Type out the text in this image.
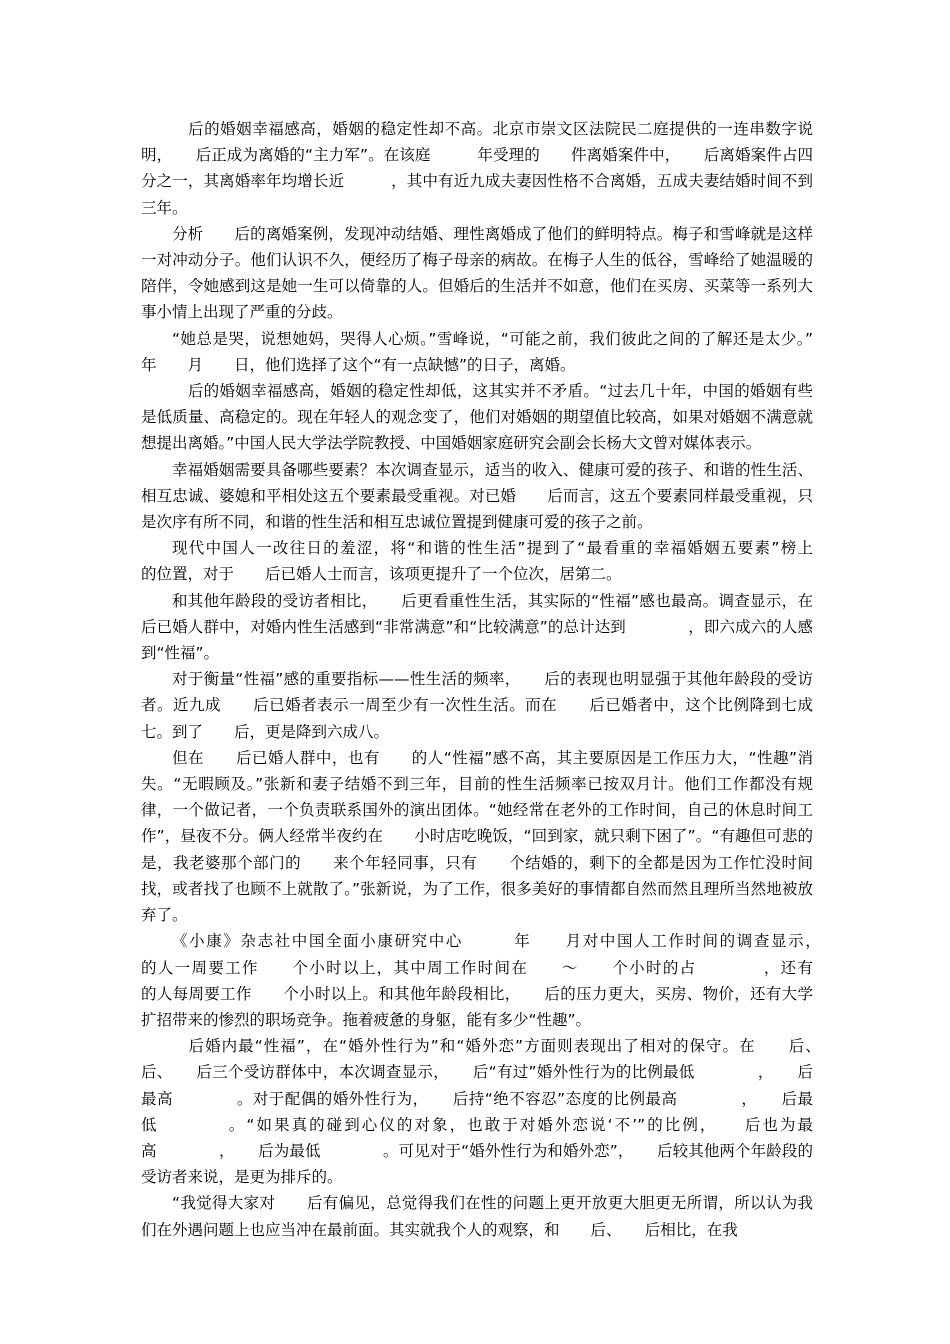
　后的婚姻幸福感高，婚姻的稳定性却不高。北京市崇文区法院民二庭提供的一连串数字说明，　　后正成为离婚的“主力军”。在该庭　　　年受理的　　件离婚案件中，　　后离婚案件占四分之一，其离婚率年均增长近　　　，其中有近九成夫妻因性格不合离婚，五成夫妻结婚时间不到三年。

分析　　后的离婚案例，发现冲动结婚、理性离婚成了他们的鲜明特点。梅子和雪峰就是这样一对冲动分子。他们认识不久，便经历了梅子母亲的病故。在梅子人生的低谷，雪峰给了她温暖的陪伴，令她感到这是她一生可以倚靠的人。但婚后的生活并不如意，他们在买房、买菜等一系列大事小情上出现了严重的分歧。

“她总是哭，说想她妈，哭得人心烦。”雪峰说，“可能之前，我们彼此之间的了解还是太少。”　　　年　　月　　日，他们选择了这个“有一点缺憾”的日子，离婚。

　后的婚姻幸福感高，婚姻的稳定性却低，这其实并不矛盾。“过去几十年，中国的婚姻有些是低质量、高稳定的。现在年轻人的观念变了，他们对婚姻的期望值比较高，如果对婚姻不满意就想提出离婚。”中国人民大学法学院教授、中国婚姻家庭研究会副会长杨大文曾对媒体表示。

幸福婚姻需要具备哪些要素？本次调查显示，适当的收入、健康可爱的孩子、和谐的性生活、相互忠诚、婆媳和平相处这五个要素最受重视。对已婚　　后而言，这五个要素同样最受重视，只是次序有所不同，和谐的性生活和相互忠诚位置提到健康可爱的孩子之前。

现代中国人一改往日的羞涩，将“和谐的性生活”提到了“最看重的幸福婚姻五要素”榜上　　　的位置，对于　　后已婚人士而言，该项更提升了一个位次，居第二。

和其他年龄段的受访者相比，　　后更看重性生活，其实际的“性福”感也最高。调查显示，在　　后已婚人群中，对婚内性生活感到“非常满意”和“比较满意”的总计达到　　　　，即六成六的人感到“性福”。

对于衡量“性福”感的重要指标——性生活的频率，　　后的表现也明显强于其他年龄段的受访者。近九成　　后已婚者表示一周至少有一次性生活。而在　　后已婚者中，这个比例降到七成七。到了　　后，更是降到六成八。

但在　　后已婚人群中，也有　　的人“性福”感不高，其主要原因是工作压力大，“性趣”消失。“无暇顾及。”张新和妻子结婚不到三年，目前的性生活频率已按双月计。他们工作都没有规律，一个做记者，一个负责联系国外的演出团体。“她经常在老外的工作时间，自己的休息时间工作”，昼夜不分。俩人经常半夜约在　　小时店吃晚饭，“回到家，就只剩下困了”。“有趣但可悲的是，我老婆那个部门的　　来个年轻同事，只有　　个结婚的，剩下的全都是因为工作忙没时间找，或者找了也顾不上就散了。”张新说，为了工作，很多美好的事情都自然而然且理所当然地被放弃了。

《小康》杂志社中国全面小康研究中心　　　年　　月对中国人工作时间的调查显示，　　　的人一周要工作　　个小时以上，其中周工作时间在　　～　　个小时的占　　　　，还有　　　　的人每周要工作　　个小时以上。和其他年龄段相比，　　后的压力更大，买房、物价，还有大学扩招带来的惨烈的职场竞争。拖着疲惫的身躯，能有多少“性趣”。

　后婚内最“性福”，在“婚外性行为”和“婚外恋”方面则表现出了相对的保守。在　　后、　　后、　　后三个受访群体中，本次调查显示，　　后“有过”婚外性行为的比例最低　　　　，　　后最高　　　　。对于配偶的婚外性行为，　　后持“绝不容忍”态度的比例最高　　　　，　　后最低　　　　。“如果真的碰到心仪的对象，也敢于对婚外恋说‘不’”的比例，　　后也为最高　　　　，　　后为最低　　　　。可见对于“婚外性行为和婚外恋”，　　后较其他两个年龄段的受访者来说，是更为排斥的。

“我觉得大家对　　后有偏见，总觉得我们在性的问题上更开放更大胆更无所谓，所以认为我们在外遇问题上也应当冲在最前面。其实就我个人的观察，和　　后、　　后相比，在我
